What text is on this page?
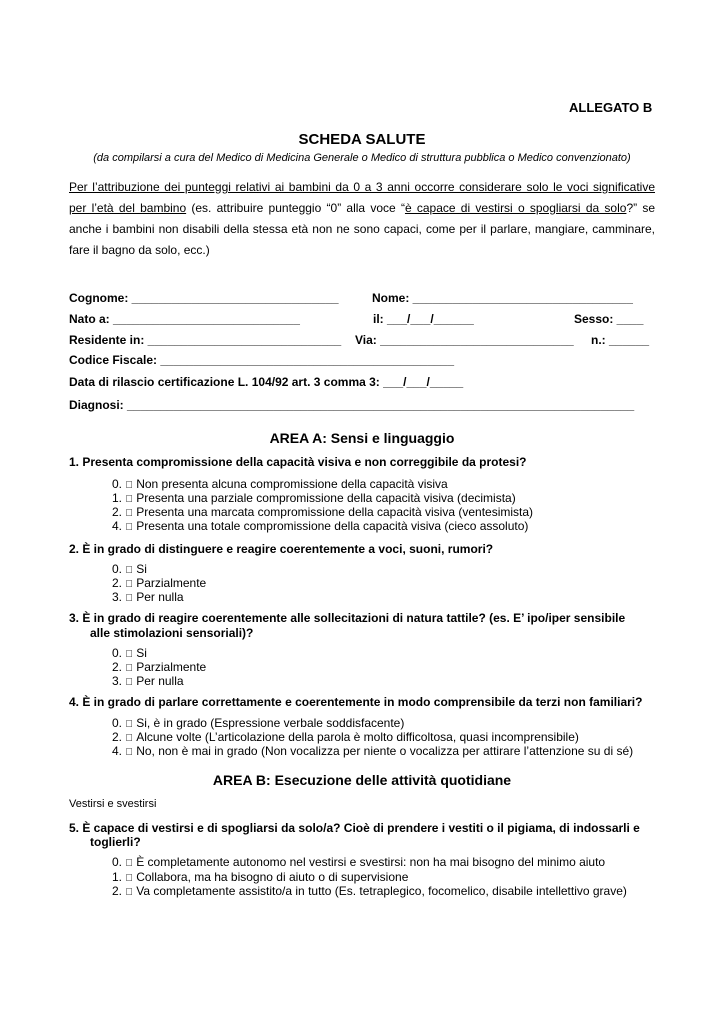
ALLEGATO B
SCHEDA SALUTE
(da compilarsi a cura del Medico di Medicina Generale o Medico di struttura pubblica o Medico convenzionato)
Per l’attribuzione dei punteggi relativi ai bambini da 0 a 3 anni occorre considerare solo le voci significative
per l’età del bambino (es. attribuire punteggio “0” alla voce “è capace di vestirsi o spogliarsi da solo?” se
anche i bambini non disabili della stessa età non ne sono capaci, come per il parlare, mangiare, camminare,
fare il bagno da solo, ecc.)
Cognome: _______________________________	Nome: _________________________________
Nato a: ____________________________	il: ___/___/______	Sesso: ____
Residente in: _____________________________ Via: _____________________________ n.: ______
Codice Fiscale: ____________________________________________
Data di rilascio certificazione L. 104/92 art. 3 comma 3: ___/___/_____
Diagnosi: ____________________________________________________________________________
AREA A: Sensi e linguaggio
1. Presenta compromissione della capacità visiva e non correggibile da protesi?
0. Non presenta alcuna compromissione della capacità visiva
1. Presenta una parziale compromissione della capacità visiva (decimista)
2. Presenta una marcata compromissione della capacità visiva (ventesimista)
4. Presenta una totale compromissione della capacità visiva (cieco assoluto)
2. È in grado di distinguere e reagire coerentemente a voci, suoni, rumori?
0. Si
2. Parzialmente
3. Per nulla
3. È in grado di reagire coerentemente alle sollecitazioni di natura tattile? (es. E’ ipo/iper sensibile
alle stimolazioni sensoriali)?
0. Si
2. Parzialmente
3. Per nulla
4. È in grado di parlare correttamente e coerentemente in modo comprensibile da terzi non familiari?
0. Si, è in grado (Espressione verbale soddisfacente)
2. Alcune volte (L’articolazione della parola è molto difficoltosa, quasi incomprensibile)
4. No, non è mai in grado (Non vocalizza per niente o vocalizza per attirare l’attenzione su di sé)
AREA B: Esecuzione delle attività quotidiane
Vestirsi e svestirsi
5. È capace di vestirsi e di spogliarsi da solo/a? Cioè di prendere i vestiti o il pigiama, di indossarli e
toglierli?
0. È completamente autonomo nel vestirsi e svestirsi: non ha mai bisogno del minimo aiuto
1. Collabora, ma ha bisogno di aiuto o di supervisione
2. Va completamente assistito/a in tutto (Es. tetraplegico, focomelico, disabile intellettivo grave)
